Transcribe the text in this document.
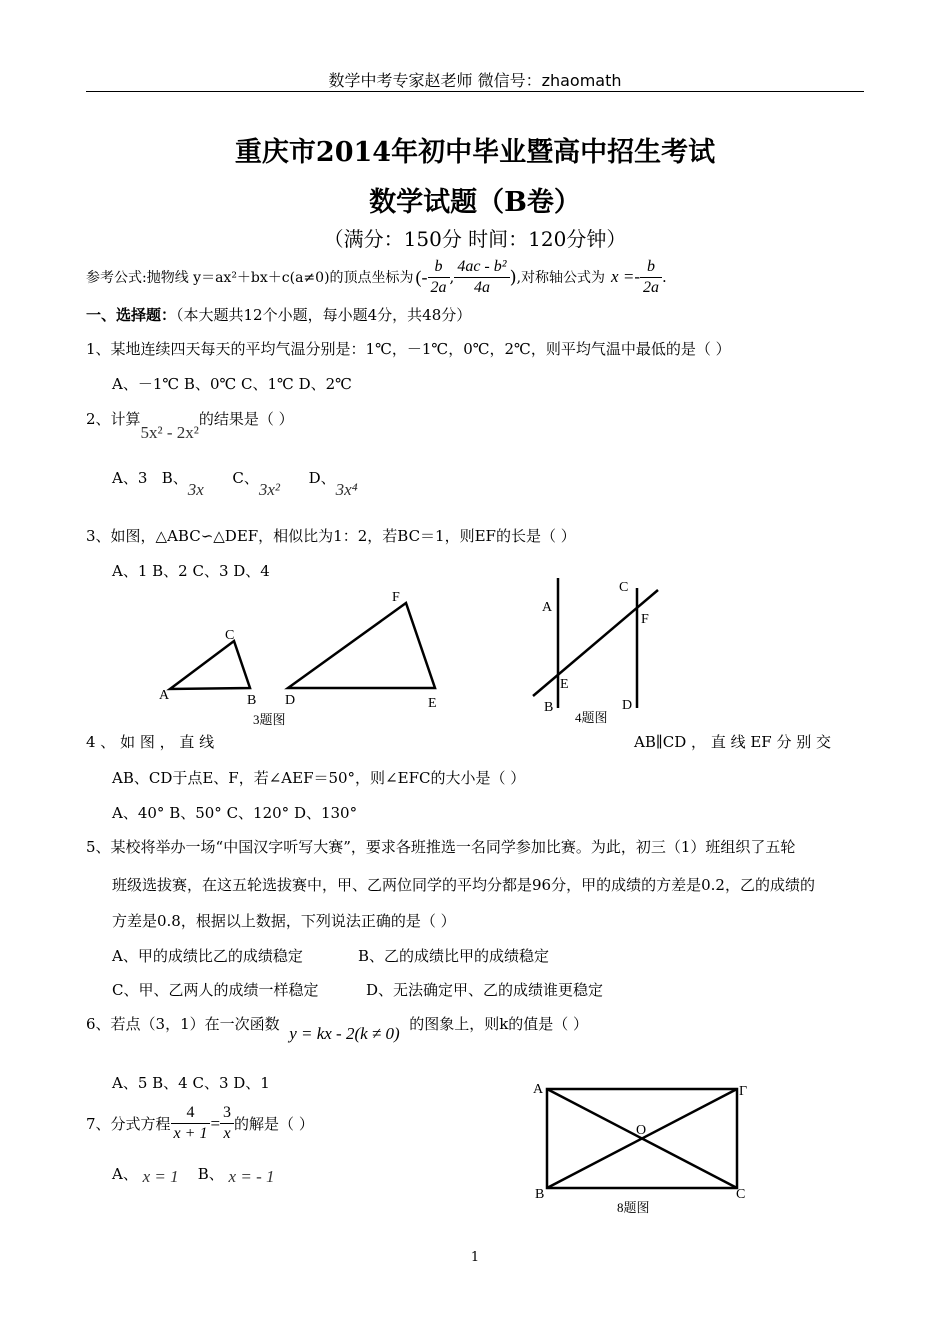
数学中考专家赵老师 微信号：zhaomath
重庆市2014年初中毕业暨高中招生考试
数学试题（B卷）
（满分：150分 时间：120分钟）
参考公式:抛物线 y＝ax²＋bx＋c(a≠0)的顶点坐标为 (- $\frac{b}{2a}$ , $\frac{\text{4ac - b²}}{4a}$ ) ,对称轴公式为 $x =- \frac{b}{2a}$ .
一、选择题：（本大题共12个小题，每小题4分，共48分）
1、某地连续四天每天的平均气温分别是：1℃，－1℃，0℃，2℃，则平均气温中最低的是（ ）
A、－1℃ B、0℃ C、1℃ D、2℃
2、计算5x² - 2x²的结果是（ ）
A、3 B、3x      C、3x²      D、3x⁴
3、如图，△ABC∽△DEF，相似比为1：2，若BC＝1，则EF的长是（ ）
A、1 B、2 C、3 D、4
A	B
C
D	E
F
3题图
A
B
C
D
E
F
4题图
4 、 如 图 ， 直 线	AB∥CD ， 直 线 EF 分 别 交
AB、CD于点E、F，若∠AEF＝50°，则∠EFC的大小是（ ）
A、40° B、50° C、120° D、130°
5、某校将举办一场“中国汉字听写大赛”，要求各班推选一名同学参加比赛。为此，初三（1）班组织了五轮
班级选拔赛，在这五轮选拔赛中，甲、乙两位同学的平均分都是96分，甲的成绩的方差是0.2，乙的成绩的
方差是0.8，根据以上数据，下列说法正确的是（ ）
A、甲的成绩比乙的成绩稳定	B、乙的成绩比甲的成绩稳定
C、甲、乙两人的成绩一样稳定	D、无法确定甲、乙的成绩谁更稳定
6、若点（3，1）在一次函数 y = kx - 2(k ≠ 0) 的图象上，则k的值是（ ）
A、5 B、4 C、3 D、1
7、分式方程 $\frac{4}{x + 1} = \frac{3}{x}$ 的解是（ ）
A、 x = 1 B、 x = - 1
A	Γ
O
B	C
8题图
1
